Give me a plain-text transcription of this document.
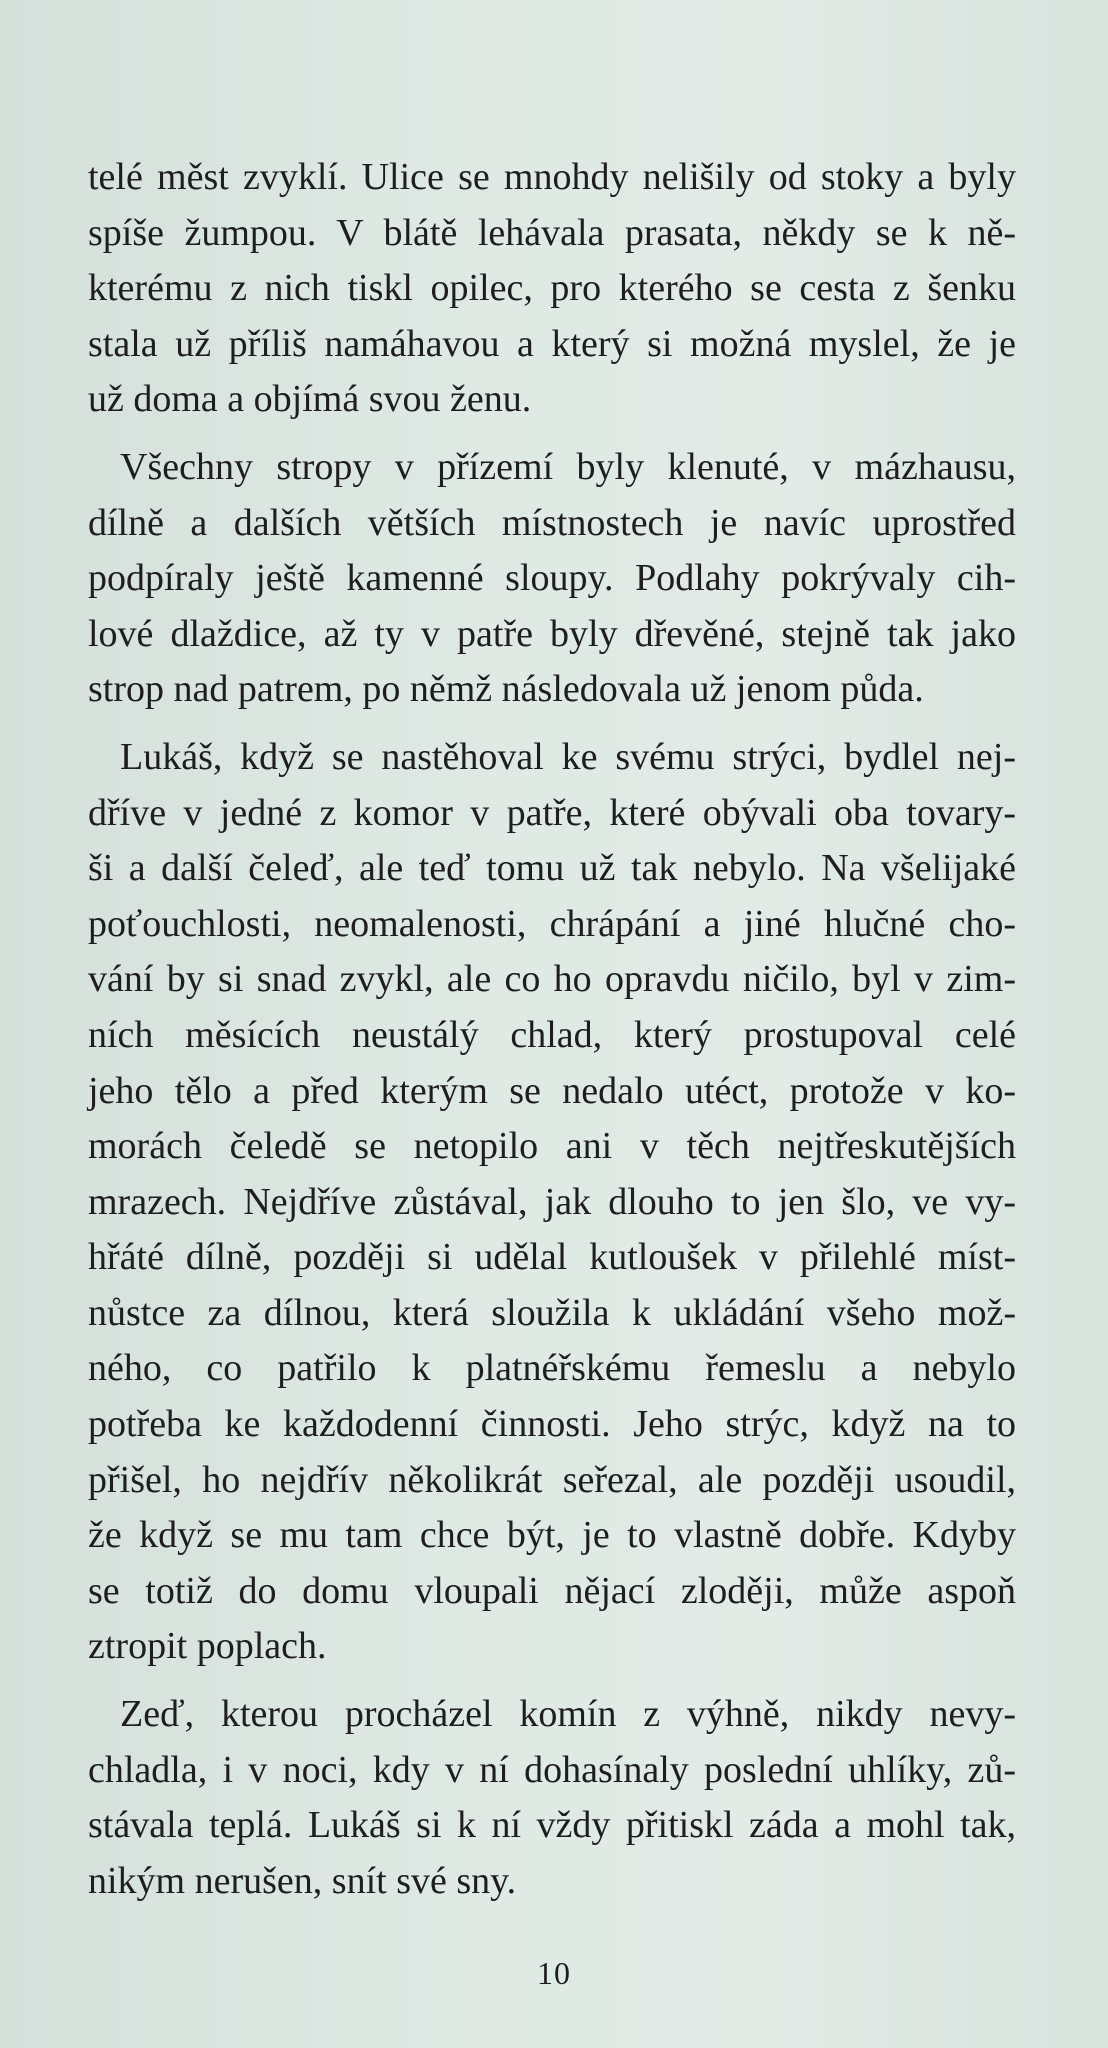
telé měst zvyklí. Ulice se mnohdy nelišily od stoky a byly
spíše žumpou. V blátě lehávala prasata, někdy se k ně-
kterému z nich tiskl opilec, pro kterého se cesta z šenku
stala už příliš namáhavou a který si možná myslel, že je
už doma a objímá svou ženu.
Všechny stropy v přízemí byly klenuté, v mázhausu,
dílně a dalších větších místnostech je navíc uprostřed
podpíraly ještě kamenné sloupy. Podlahy pokrývaly cih-
lové dlaždice, až ty v patře byly dřevěné, stejně tak jako
strop nad patrem, po němž následovala už jenom půda.
Lukáš, když se nastěhoval ke svému strýci, bydlel nej-
dříve v jedné z komor v patře, které obývali oba tovary-
ši a další čeleď, ale teď tomu už tak nebylo. Na všelijaké
poťouchlosti, neomalenosti, chrápání a jiné hlučné cho-
vání by si snad zvykl, ale co ho opravdu ničilo, byl v zim-
ních měsících neustálý chlad, který prostupoval celé
jeho tělo a před kterým se nedalo utéct, protože v ko-
morách čeledě se netopilo ani v těch nejtřeskutějších
mrazech. Nejdříve zůstával, jak dlouho to jen šlo, ve vy-
hřáté dílně, později si udělal kutloušek v přilehlé míst-
nůstce za dílnou, která sloužila k ukládání všeho mož-
ného, co patřilo k platnéřskému řemeslu a nebylo
potřeba ke každodenní činnosti. Jeho strýc, když na to
přišel, ho nejdřív několikrát seřezal, ale později usoudil,
že když se mu tam chce být, je to vlastně dobře. Kdyby
se totiž do domu vloupali nějací zloději, může aspoň
ztropit poplach.
Zeď, kterou procházel komín z výhně, nikdy nevy-
chladla, i v noci, kdy v ní dohasínaly poslední uhlíky, zů-
stávala teplá. Lukáš si k ní vždy přitiskl záda a mohl tak,
nikým nerušen, snít své sny.
10
